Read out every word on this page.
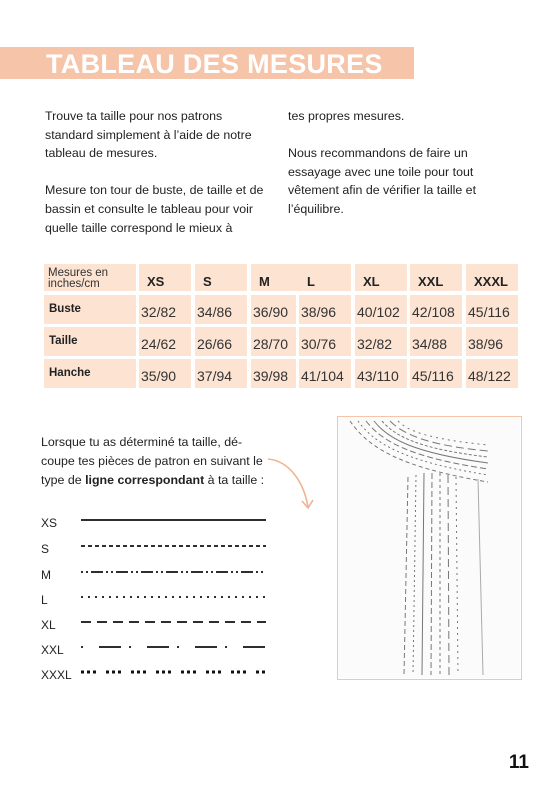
TABLEAU DES MESURES

Trouve ta taille pour nos patrons standard simplement à l’aide de notre tableau de mesures.

Mesure ton tour de buste, de taille et de bassin et consulte le tableau pour voir quelle taille correspond le mieux à

tes propres mesures.

Nous recommandons de faire un essayage avec une toile pour tout vêtement afin de vérifier la taille et l’équilibre.

Mesures en inches/cm	XS	S	M	L	XL	XXL	XXXL
Buste	32/82	34/86	36/90 38/96	40/102 42/108 45/116
Taille	24/62	26/66	28/70 30/76	32/82	34/88	38/96
Hanche	35/90	37/94	39/98 41/104 43/110 45/116	48/122
Lorsque tu as déterminé ta taille, dé-coupe tes pièces de patron en suivant le type de ligne correspondant à ta taille :
XS
S
M
L
XL
XXL
XXXL
11
